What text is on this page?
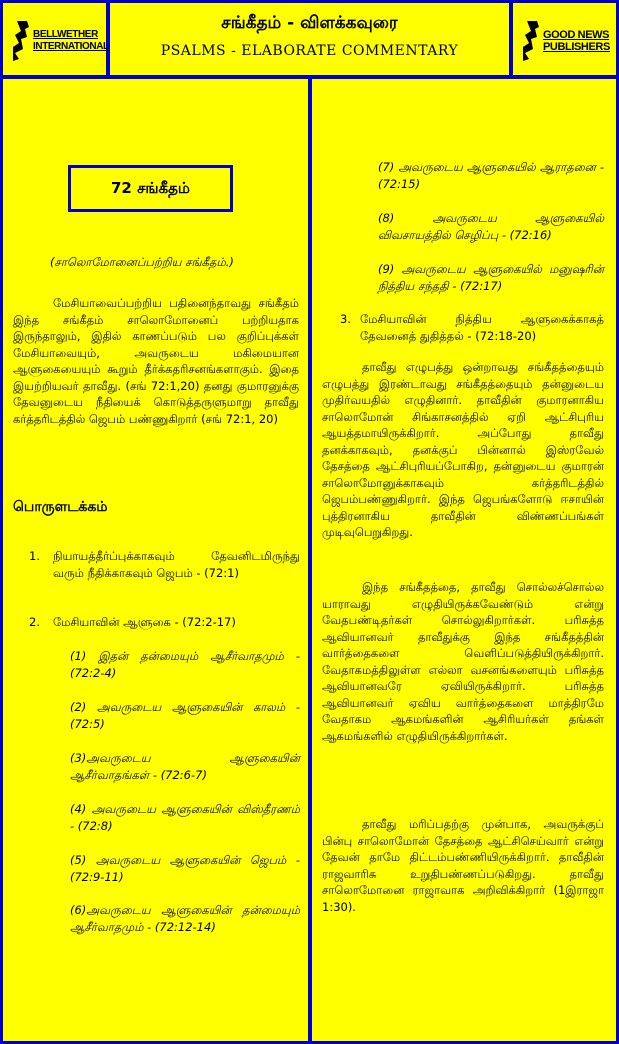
BELLWETHER
INTERNATIONAL
சங்கீதம் - விளக்கவுரை
PSALMS - ELABORATE COMMENTARY
GOOD NEWS
PUBLISHERS
72 சங்கீதம்
(சாலொமோனைப்பற்றிய சங்கீதம்.)
மேசியாவைப்பற்றிய பதினைந்தாவது சங்கீதம் இந்த சங்கீதம் சாலொமோனைப் பற்றியதாக இருந்தாலும், இதில் காணப்படும் பல குறிப்புக்கள் மேசியாவையும், அவருடைய மகிமையான ஆளுகையையும் கூறும் தீர்க்கதரிசனங்களாகும். இதை இயற்றியவர் தாவீது. (சங் 72:1,20) தனது குமாரனுக்கு தேவனுடைய நீதியைக் கொடுத்தருளுமாறு தாவீது கர்த்தரிடத்தில் ஜெபம் பண்ணுகிறார் (சங் 72:1, 20)
பொருளடக்கம்
1.	நியாயத்தீர்ப்புக்காகவும் தேவனிடமிருந்து வரும் நீதிக்காகவும் ஜெபம் - (72:1)
2.	மேசியாவின் ஆளுகை - (72:2-17)
(1) இதன் தன்மையும் ஆசீர்வாதமும் - (72:2-4)
(2) அவருடைய ஆளுகையின் காலம் - (72:5)
(3)அவருடைய ஆளுகையின் ஆசீர்வாதங்கள் - (72:6-7)
(4) அவருடைய ஆளுகையின் விஸ்தீரணம் - (72:8)
(5) அவருடைய ஆளுகையின் ஜெபம் - (72:9-11)
(6)அவருடைய ஆளுகையின் தன்மையும் ஆசீர்வாதமும் - (72:12-14)
(7) அவருடைய ஆளுகையில் ஆராதனை - (72:15)
(8) அவருடைய ஆளுகையில் விவசாயத்தில் செழிப்பு - (72:16)
(9) அவருடைய ஆளுகையில் மனுஷரின் நித்திய சந்ததி - (72:17)
3. மேசியாவின் நித்திய ஆளுகைக்காகத் தேவனைத் துதித்தல் - (72:18-20)
தாவீது எழுபத்து ஒன்றாவது சங்கீதத்தையும் எழுபத்து இரண்டாவது சங்கீதத்தையும் தன்னுடைய முதிர்வயதில் எழுதினார். தாவீதின் குமாரனாகிய சாலொமோன் சிங்காசனத்தில் ஏறி ஆட்சிபுரிய ஆயத்தமாயிருக்கிறார். அப்போது தாவீது தனக்காகவும், தனக்குப் பின்னால் இஸ்ரவேல் தேசத்தை ஆட்சிபுரியப்போகிற, தன்னுடைய குமாரன் சாலொமோனுக்காகவும் கர்த்தரிடத்தில் ஜெபம்பண்ணுகிறார். இந்த ஜெபங்களோடு ஈசாயின் புத்திரனாகிய தாவீதின் விண்ணப்பங்கள் முடிவுபெறுகிறது.
இந்த சங்கீதத்தை, தாவீது சொல்லச்சொல்ல யாராவது எழுதியிருக்கவேண்டும் என்று வேதபண்டிதர்கள் சொல்லுகிறார்கள். பரிசுத்த ஆவியானவர் தாவீதுக்கு இந்த சங்கீதத்தின் வார்த்தைகளை வெளிப்படுத்தியிருக்கிறார். வேதாகமத்திலுள்ள எல்லா வசனங்களையும் பரிசுத்த ஆவியானவரே ஏவியிருக்கிறார். பரிசுத்த ஆவியானவர் ஏவிய வார்த்தைகளை மாத்திரமே வேதாகம ஆகமங்களின் ஆசிரியர்கள் தங்கள் ஆகமங்களில் எழுதியிருக்கிறார்கள்.
தாவீது மரிப்பதற்கு முன்பாக, அவருக்குப் பின்பு சாலொமோன் தேசத்தை ஆட்சிசெய்வார் என்று தேவன் தாமே திட்டம்பண்ணியிருக்கிறார். தாவீதின் ராஜவாரிசு உறுதிபண்ணப்படுகிறது. தாவீது சாலொமோனை ராஜாவாக அறிவிக்கிறார் (1இராஜா 1:30).
